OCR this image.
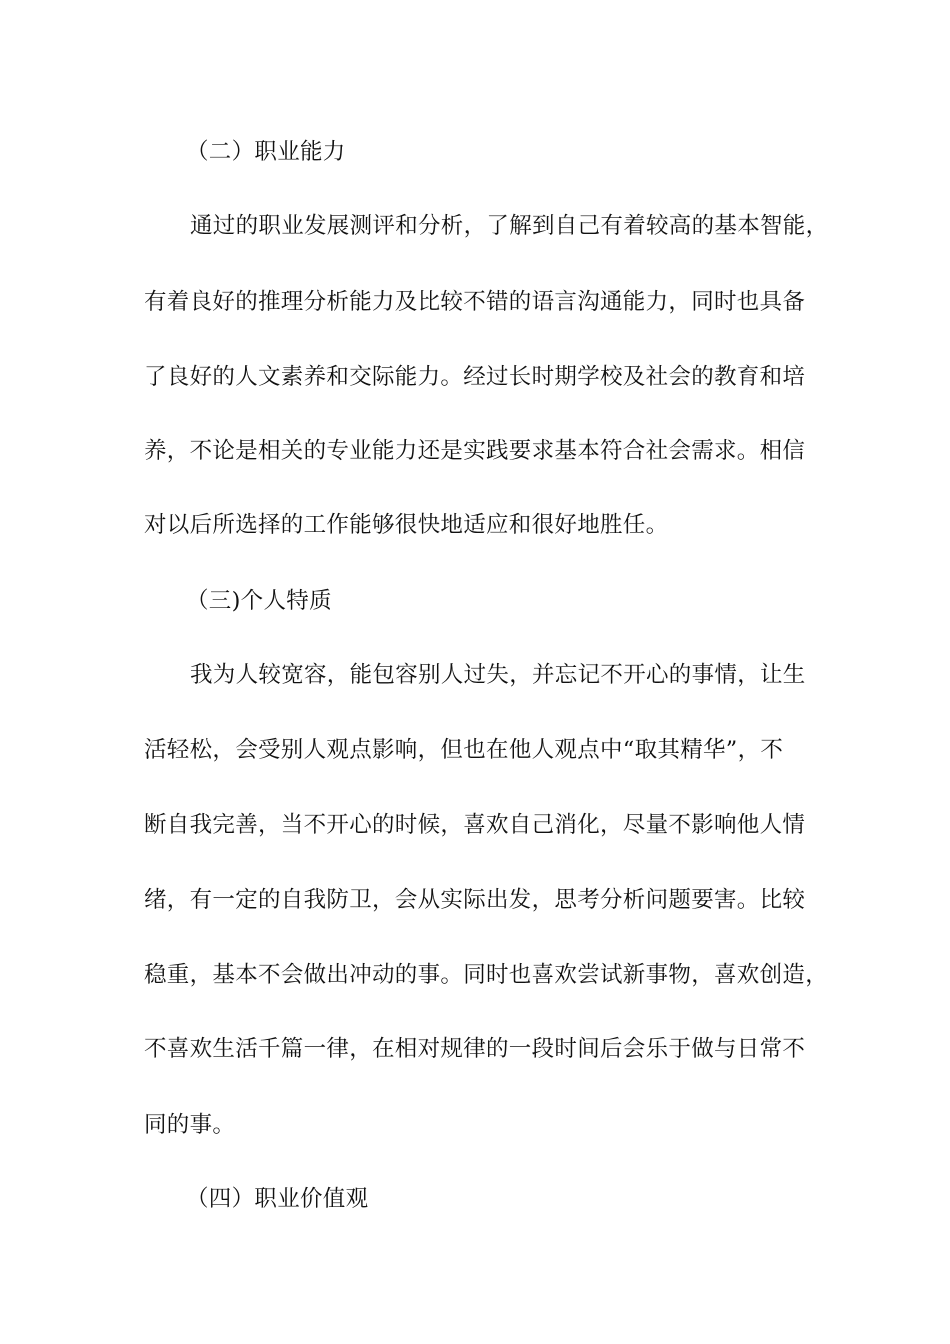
（二）职业能力
通过的职业发展测评和分析，了解到自己有着较高的基本智能，
有着良好的推理分析能力及比较不错的语言沟通能力，同时也具备
了良好的人文素养和交际能力。经过长时期学校及社会的教育和培
养，不论是相关的专业能力还是实践要求基本符合社会需求。相信
对以后所选择的工作能够很快地适应和很好地胜任。
（三)个人特质
我为人较宽容，能包容别人过失，并忘记不开心的事情，让生
活轻松，会受别人观点影响，但也在他人观点中“取其精华”，不
断自我完善，当不开心的时候，喜欢自己消化，尽量不影响他人情
绪，有一定的自我防卫，会从实际出发，思考分析问题要害。比较
稳重，基本不会做出冲动的事。同时也喜欢尝试新事物，喜欢创造，
不喜欢生活千篇一律，在相对规律的一段时间后会乐于做与日常不
同的事。
（四）职业价值观
